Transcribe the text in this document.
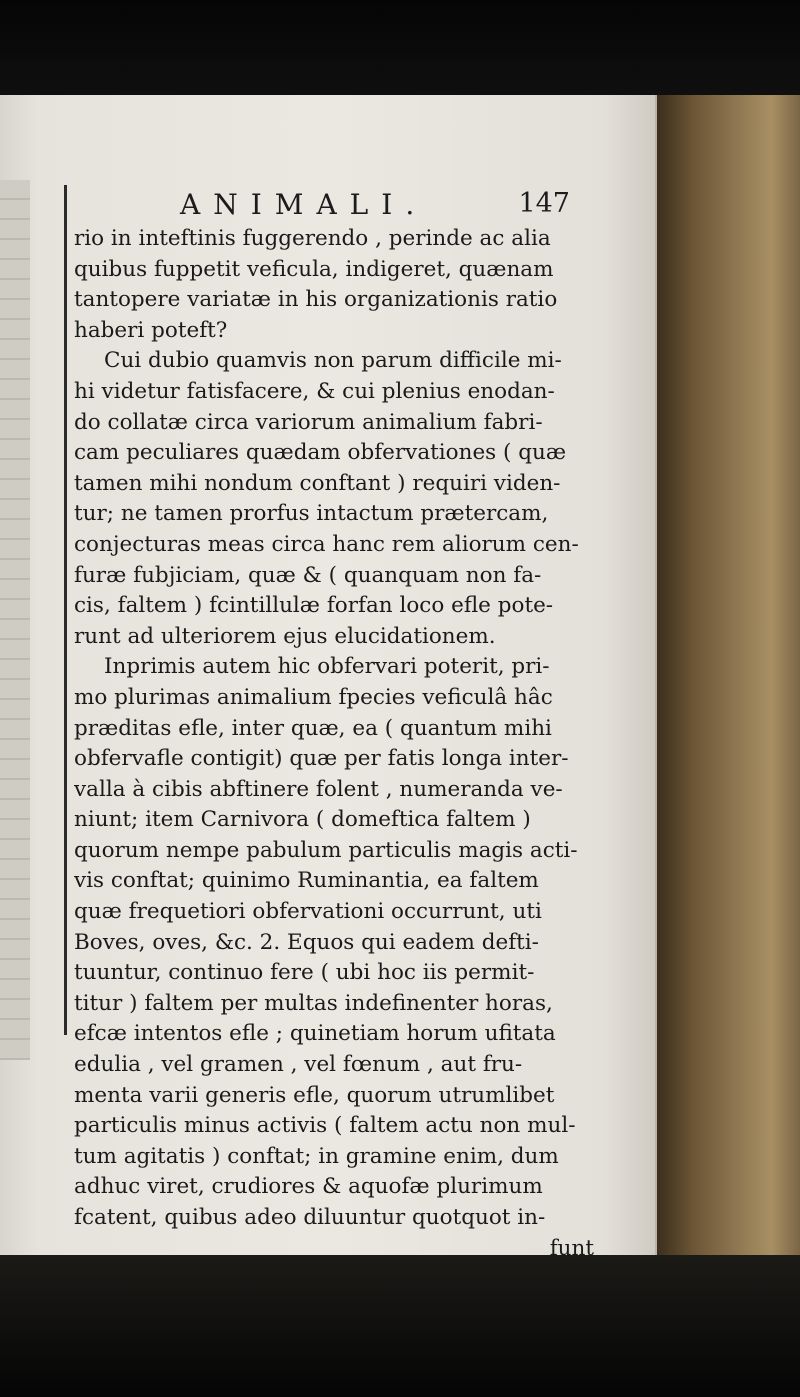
ANIMALI.	147
rio in inteftinis fuggerendo , perinde ac alia
quibus fuppetit veficula, indigeret, quænam
tantopere variatæ in his organizationis ratio
haberi poteft?
Cui dubio quamvis non parum difficile mi-
hi videtur fatisfacere, & cui plenius enodan-
do collatæ circa variorum animalium fabri-
cam peculiares quædam obfervationes ( quæ
tamen mihi nondum conftant ) requiri viden-
tur; ne tamen prorfus intactum prætercam,
conjecturas meas circa hanc rem aliorum cen-
furæ fubjiciam, quæ & ( quanquam non fa-
cis, faltem ) fcintillulæ forfan loco efle pote-
runt ad ulteriorem ejus elucidationem.
Inprimis autem hic obfervari poterit, pri-
mo plurimas animalium fpecies veficulâ hâc
præditas efle, inter quæ, ea ( quantum mihi
obfervafle contigit) quæ per fatis longa inter-
valla à cibis abftinere folent , numeranda ve-
niunt; item Carnivora ( domeftica faltem )
quorum nempe pabulum particulis magis acti-
vis conftat; quinimo Ruminantia, ea faltem
quæ frequetiori obfervationi occurrunt, uti
Boves, oves, &c. 2. Equos qui eadem defti-
tuuntur, continuo fere ( ubi hoc iis permit-
titur ) faltem per multas indefinenter horas,
efcæ intentos efle ; quinetiam horum ufitata
edulia , vel gramen , vel fœnum , aut fru-
menta varii generis efle, quorum utrumlibet
particulis minus activis ( faltem actu non mul-
tum agitatis ) conftat; in gramine enim, dum
adhuc viret, crudiores & aquofæ plurimum
fcatent, quibus adeo diluuntur quotquot in-
funt
